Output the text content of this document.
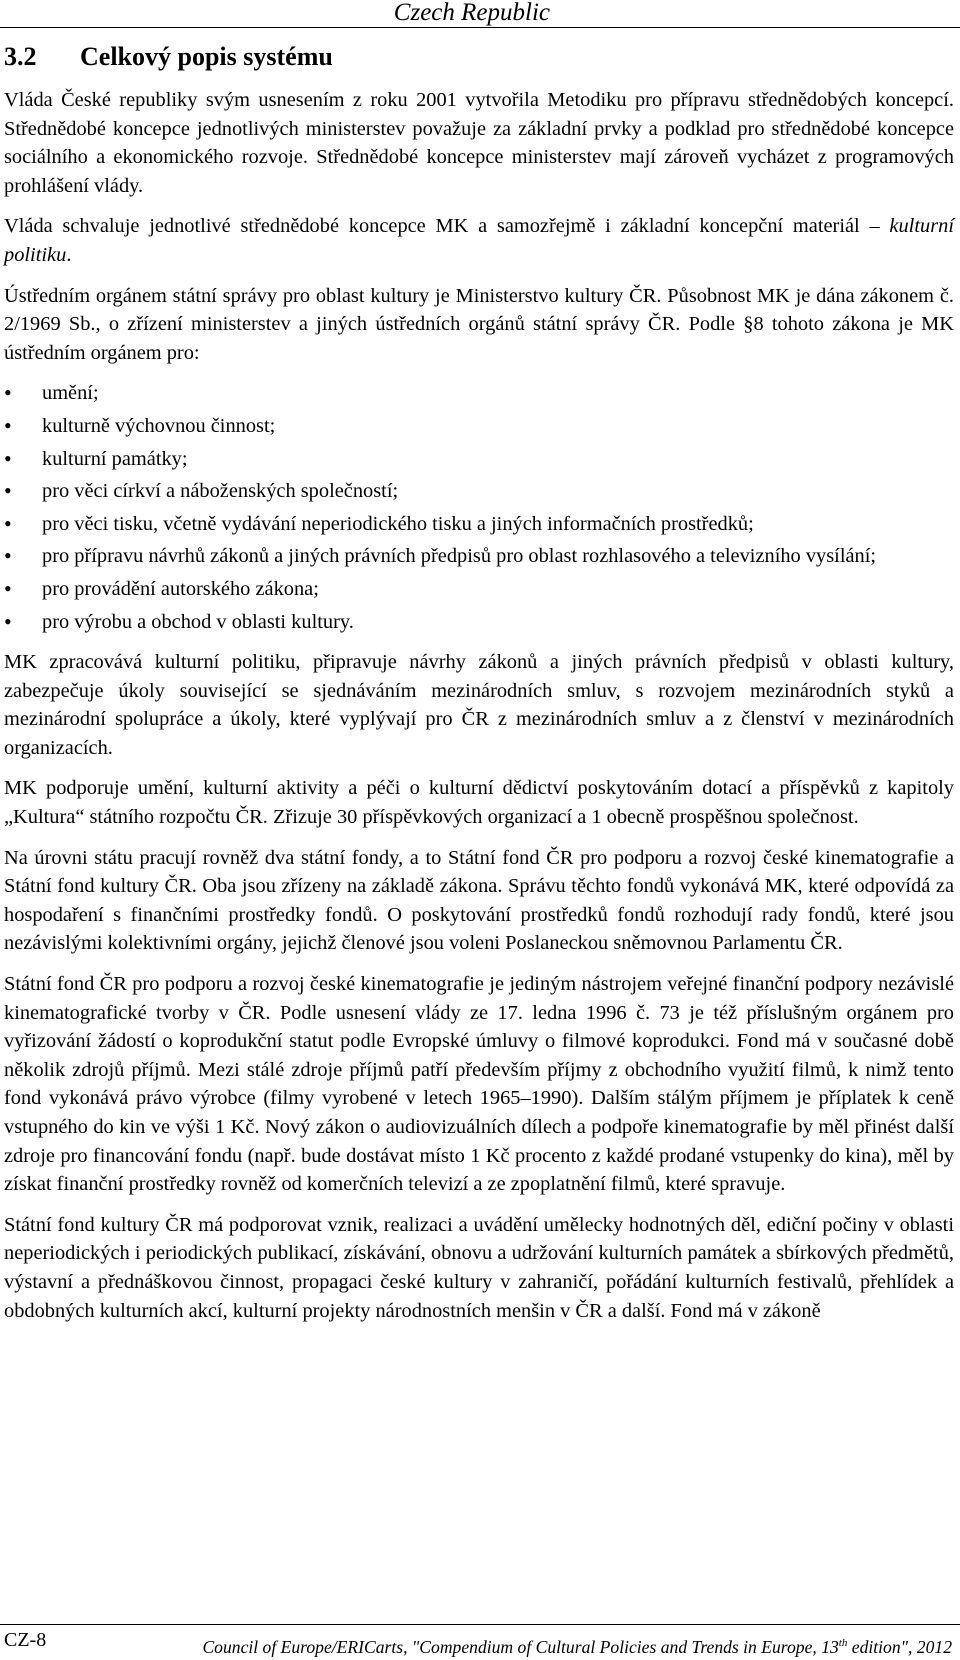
Czech Republic
3.2 Celkový popis systému

Vláda České republiky svým usnesením z roku 2001 vytvořila Metodiku pro přípravu střednědobých koncepcí. Střednědobé koncepce jednotlivých ministerstev považuje za základní prvky a podklad pro střednědobé koncepce sociálního a ekonomického rozvoje. Střednědobé koncepce ministerstev mají zároveň vycházet z programových prohlášení vlády.

Vláda schvaluje jednotlivé střednědobé koncepce MK a samozřejmě i základní koncepční materiál – kulturní politiku.

Ústředním orgánem státní správy pro oblast kultury je Ministerstvo kultury ČR. Působnost MK je dána zákonem č. 2/1969 Sb., o zřízení ministerstev a jiných ústředních orgánů státní správy ČR. Podle §8 tohoto zákona je MK ústředním orgánem pro:

• umění;
• kulturně výchovnou činnost;
• kulturní památky;
• pro věci církví a náboženských společností;
• pro věci tisku, včetně vydávání neperiodického tisku a jiných informačních prostředků;
• pro přípravu návrhů zákonů a jiných právních předpisů pro oblast rozhlasového a televizního vysílání;
• pro provádění autorského zákona;
• pro výrobu a obchod v oblasti kultury.

MK zpracovává kulturní politiku, připravuje návrhy zákonů a jiných právních předpisů v oblasti kultury, zabezpečuje úkoly související se sjednáváním mezinárodních smluv, s rozvojem mezinárodních styků a mezinárodní spolupráce a úkoly, které vyplývají pro ČR z mezinárodních smluv a z členství v mezinárodních organizacích.

MK podporuje umění, kulturní aktivity a péči o kulturní dědictví poskytováním dotací a příspěvků z kapitoly „Kultura“ státního rozpočtu ČR. Zřizuje 30 příspěvkových organizací a 1 obecně prospěšnou společnost.

Na úrovni státu pracují rovněž dva státní fondy, a to Státní fond ČR pro podporu a rozvoj české kinematografie a Státní fond kultury ČR. Oba jsou zřízeny na základě zákona. Správu těchto fondů vykonává MK, které odpovídá za hospodaření s finančními prostředky fondů. O poskytování prostředků fondů rozhodují rady fondů, které jsou nezávislými kolektivními orgány, jejichž členové jsou voleni Poslaneckou sněmovnou Parlamentu ČR.

Státní fond ČR pro podporu a rozvoj české kinematografie je jediným nástrojem veřejné finanční podpory nezávislé kinematografické tvorby v ČR. Podle usnesení vlády ze 17. ledna 1996 č. 73 je též příslušným orgánem pro vyřizování žádostí o koprodukční statut podle Evropské úmluvy o filmové koprodukci. Fond má v současné době několik zdrojů příjmů. Mezi stálé zdroje příjmů patří především příjmy z obchodního využití filmů, k nimž tento fond vykonává právo výrobce (filmy vyrobené v letech 1965–1990). Dalším stálým příjmem je příplatek k ceně vstupného do kin ve výši 1 Kč. Nový zákon o audiovizuálních dílech a podpoře kinematografie by měl přinést další zdroje pro financování fondu (např. bude dostávat místo 1 Kč procento z každé prodané vstupenky do kina), měl by získat finanční prostředky rovněž od komerčních televizí a ze zpoplatnění filmů, které spravuje.

Státní fond kultury ČR má podporovat vznik, realizaci a uvádění umělecky hodnotných děl, ediční počiny v oblasti neperiodických i periodických publikací, získávání, obnovu a udržování kulturních památek a sbírkových předmětů, výstavní a přednáškovou činnost, propagaci české kultury v zahraničí, pořádání kulturních festivalů, přehlídek a obdobných kulturních akcí, kulturní projekty národnostních menšin v ČR a další. Fond má v zákoně

CZ-8	Council of Europe/ERICarts, "Compendium of Cultural Policies and Trends in Europe, 13th edition", 2012
